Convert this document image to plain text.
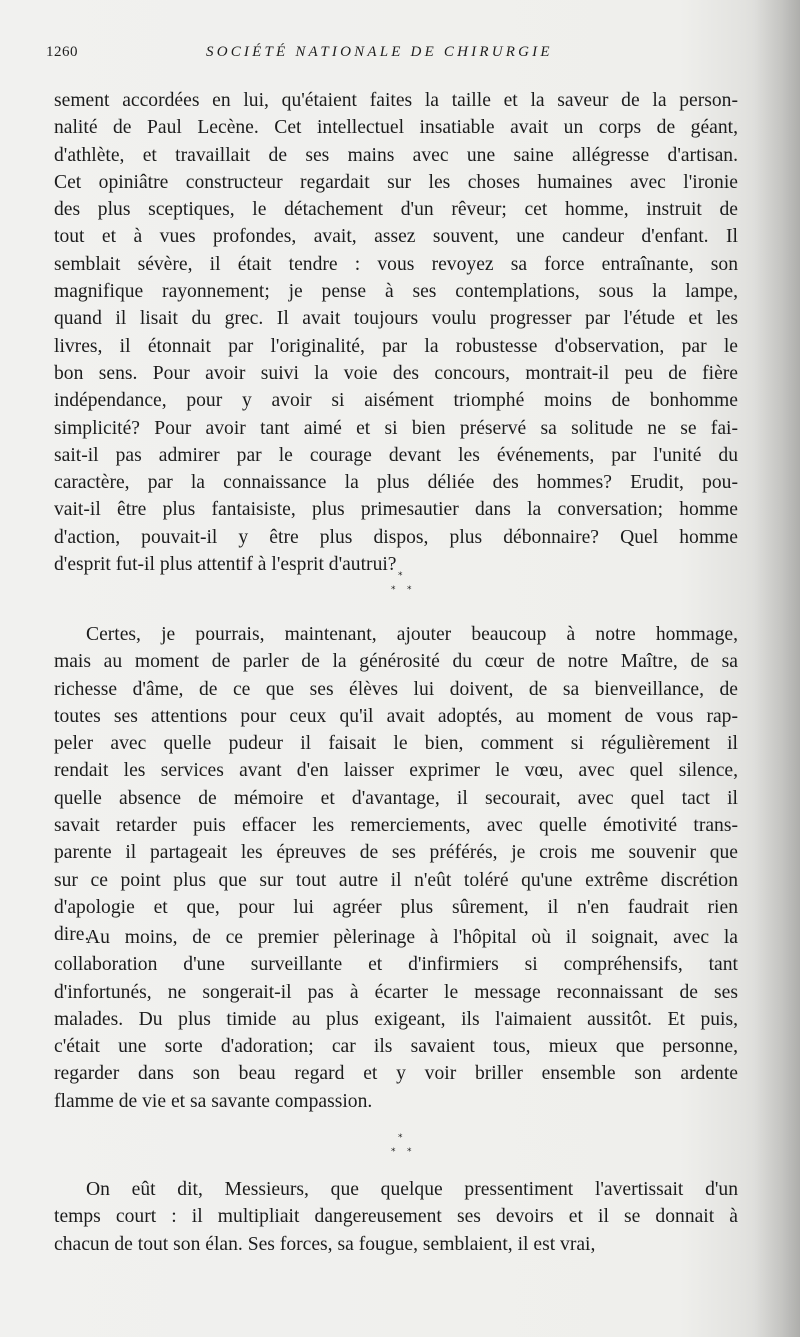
1260	SOCIÉTÉ NATIONALE DE CHIRURGIE
sement accordées en lui, qu'étaient faites la taille et la saveur de la person-
nalité de Paul Lecène. Cet intellectuel insatiable avait un corps de géant,
d'athlète, et travaillait de ses mains avec une saine allégresse d'artisan.
Cet opiniâtre constructeur regardait sur les choses humaines avec l'ironie
des plus sceptiques, le détachement d'un rêveur; cet homme, instruit de
tout et à vues profondes, avait, assez souvent, une candeur d'enfant. Il
semblait sévère, il était tendre : vous revoyez sa force entraînante, son
magnifique rayonnement; je pense à ses contemplations, sous la lampe,
quand il lisait du grec. Il avait toujours voulu progresser par l'étude et les
livres, il étonnait par l'originalité, par la robustesse d'observation, par le
bon sens. Pour avoir suivi la voie des concours, montrait-il peu de fière
indépendance, pour y avoir si aisément triomphé moins de bonhomme
simplicité? Pour avoir tant aimé et si bien préservé sa solitude ne se fai-
sait-il pas admirer par le courage devant les événements, par l'unité du
caractère, par la connaissance la plus déliée des hommes? Erudit, pou-
vait-il être plus fantaisiste, plus primesautier dans la conversation; homme
d'action, pouvait-il y être plus dispos, plus débonnaire? Quel homme
d'esprit fut-il plus attentif à l'esprit d'autrui?
*
* *
Certes, je pourrais, maintenant, ajouter beaucoup à notre hommage,
mais au moment de parler de la générosité du cœur de notre Maître, de sa
richesse d'âme, de ce que ses élèves lui doivent, de sa bienveillance, de
toutes ses attentions pour ceux qu'il avait adoptés, au moment de vous rap-
peler avec quelle pudeur il faisait le bien, comment si régulièrement il
rendait les services avant d'en laisser exprimer le vœu, avec quel silence,
quelle absence de mémoire et d'avantage, il secourait, avec quel tact il
savait retarder puis effacer les remerciements, avec quelle émotivité trans-
parente il partageait les épreuves de ses préférés, je crois me souvenir que
sur ce point plus que sur tout autre il n'eût toléré qu'une extrême discrétion
d'apologie et que, pour lui agréer plus sûrement, il n'en faudrait rien
dire.
Au moins, de ce premier pèlerinage à l'hôpital où il soignait, avec la
collaboration d'une surveillante et d'infirmiers si compréhensifs, tant
d'infortunés, ne songerait-il pas à écarter le message reconnaissant de ses
malades. Du plus timide au plus exigeant, ils l'aimaient aussitôt. Et puis,
c'était une sorte d'adoration; car ils savaient tous, mieux que personne,
regarder dans son beau regard et y voir briller ensemble son ardente
flamme de vie et sa savante compassion.
*
* *
On eût dit, Messieurs, que quelque pressentiment l'avertissait d'un
temps court : il multipliait dangereusement ses devoirs et il se donnait à
chacun de tout son élan. Ses forces, sa fougue, semblaient, il est vrai,
